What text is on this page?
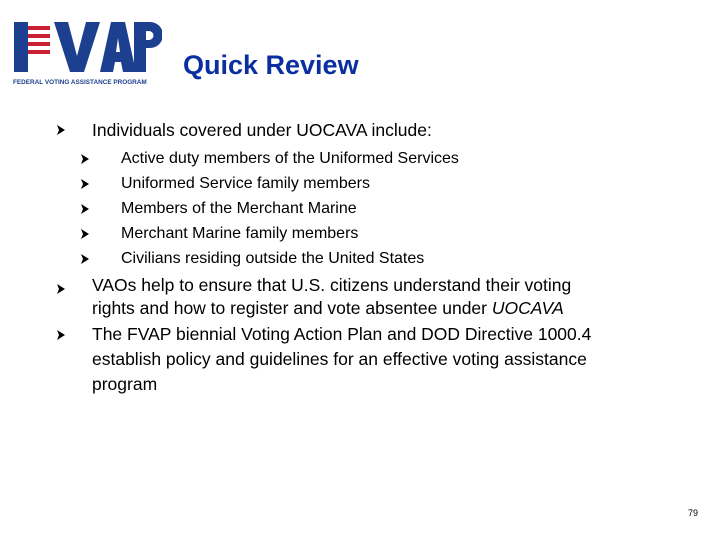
FEDERAL VOTING ASSISTANCE PROGRAM
Quick Review
Individuals covered under UOCAVA include:
Active duty members of the Uniformed Services
Uniformed Service family members
Members of the Merchant Marine
Merchant Marine family members
Civilians residing outside the United States
VAOs help to ensure that U.S. citizens understand their voting
rights and how to register and vote absentee under UOCAVA
The FVAP biennial Voting Action Plan and DOD Directive 1000.4
establish policy and guidelines for an effective voting assistance
program
79
